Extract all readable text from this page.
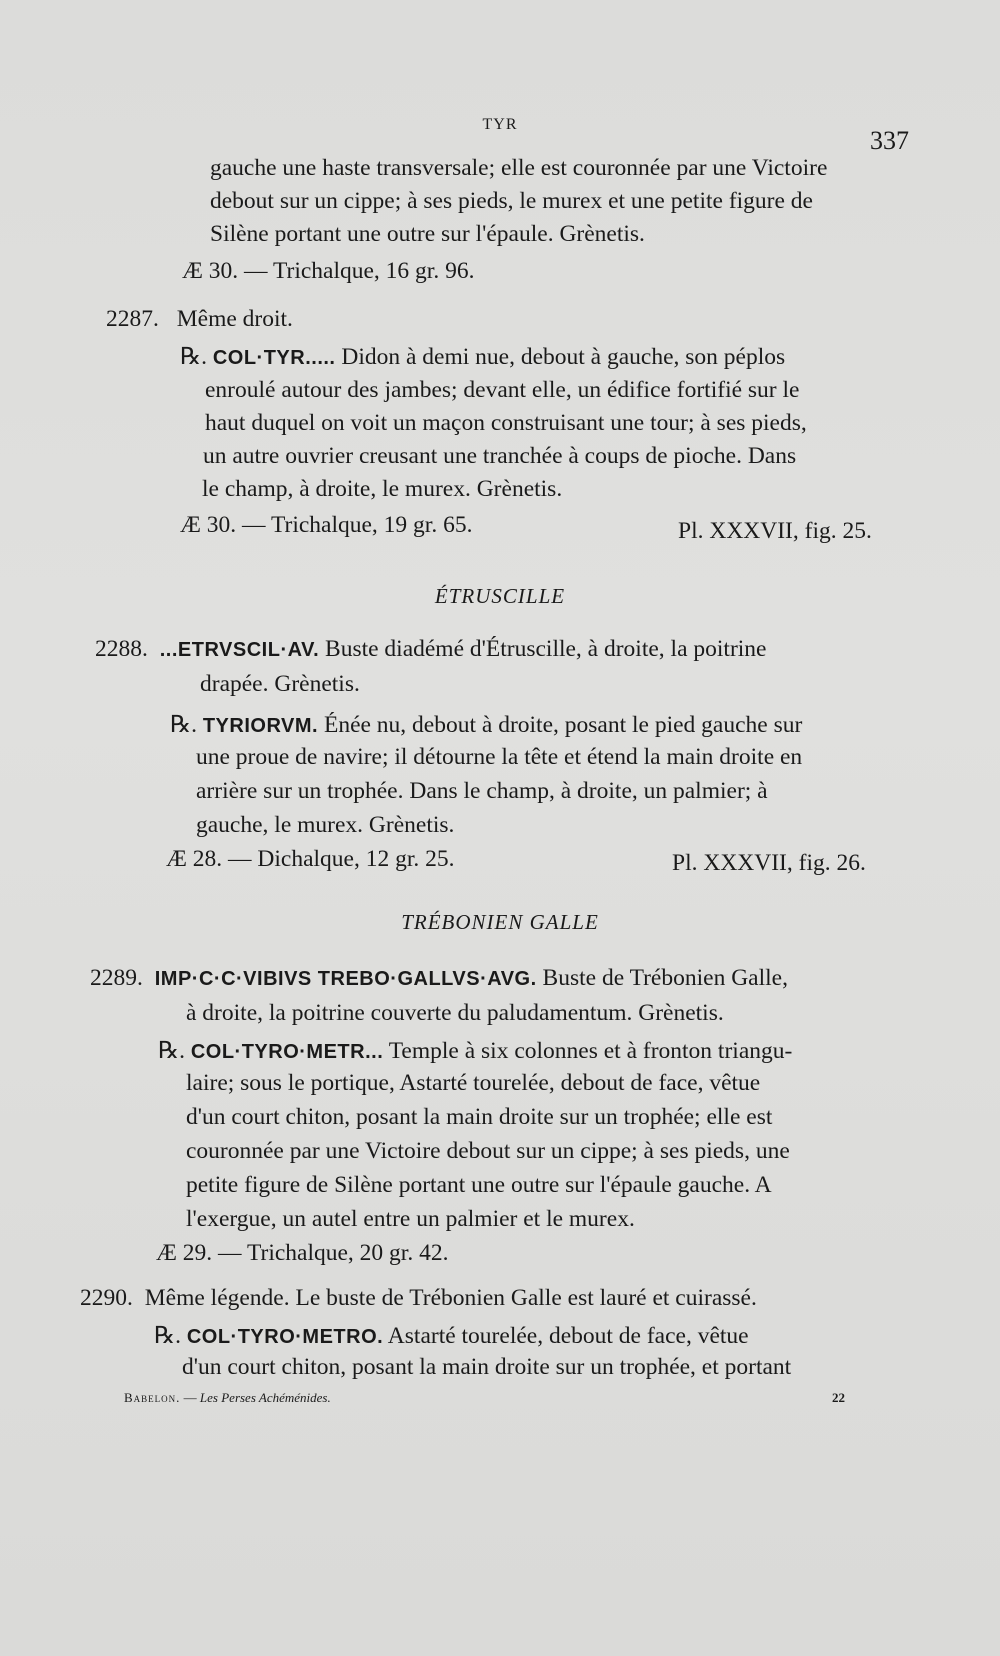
TYR
337
gauche une haste transversale; elle est couronnée par une Victoire
debout sur un cippe; à ses pieds, le murex et une petite figure de
Silène portant une outre sur l'épaule. Grènetis.
Æ 30. — Trichalque, 16 gr. 96.
2287. Même droit.
℞. COL·TYR..... Didon à demi nue, debout à gauche, son péplos
enroulé autour des jambes; devant elle, un édifice fortifié sur le
haut duquel on voit un maçon construisant une tour; à ses pieds,
un autre ouvrier creusant une tranchée à coups de pioche. Dans
le champ, à droite, le murex. Grènetis.
Æ 30. — Trichalque, 19 gr. 65.	Pl. XXXVII, fig. 25.
ÉTRUSCILLE
2288. ...ETRVSCIL·AV. Buste diadémé d'Étruscille, à droite, la poitrine
drapée. Grènetis.
℞. TYRIORVM. Énée nu, debout à droite, posant le pied gauche sur
une proue de navire; il détourne la tête et étend la main droite en
arrière sur un trophée. Dans le champ, à droite, un palmier; à
gauche, le murex. Grènetis.
Æ 28. — Dichalque, 12 gr. 25.	Pl. XXXVII, fig. 26.
TRÉBONIEN GALLE
2289. IMP·C·C·VIBIVS TREBO·GALLVS·AVG. Buste de Trébonien Galle,
à droite, la poitrine couverte du paludamentum. Grènetis.
℞. COL·TYRO·METR... Temple à six colonnes et à fronton triangu-
laire; sous le portique, Astarté tourelée, debout de face, vêtue
d'un court chiton, posant la main droite sur un trophée; elle est
couronnée par une Victoire debout sur un cippe; à ses pieds, une
petite figure de Silène portant une outre sur l'épaule gauche. A
l'exergue, un autel entre un palmier et le murex.
Æ 29. — Trichalque, 20 gr. 42.
2290. Même légende. Le buste de Trébonien Galle est lauré et cuirassé.
℞. COL·TYRO·METRO. Astarté tourelée, debout de face, vêtue
d'un court chiton, posant la main droite sur un trophée, et portant
Babelon. — Les Perses Achéménides.	22
